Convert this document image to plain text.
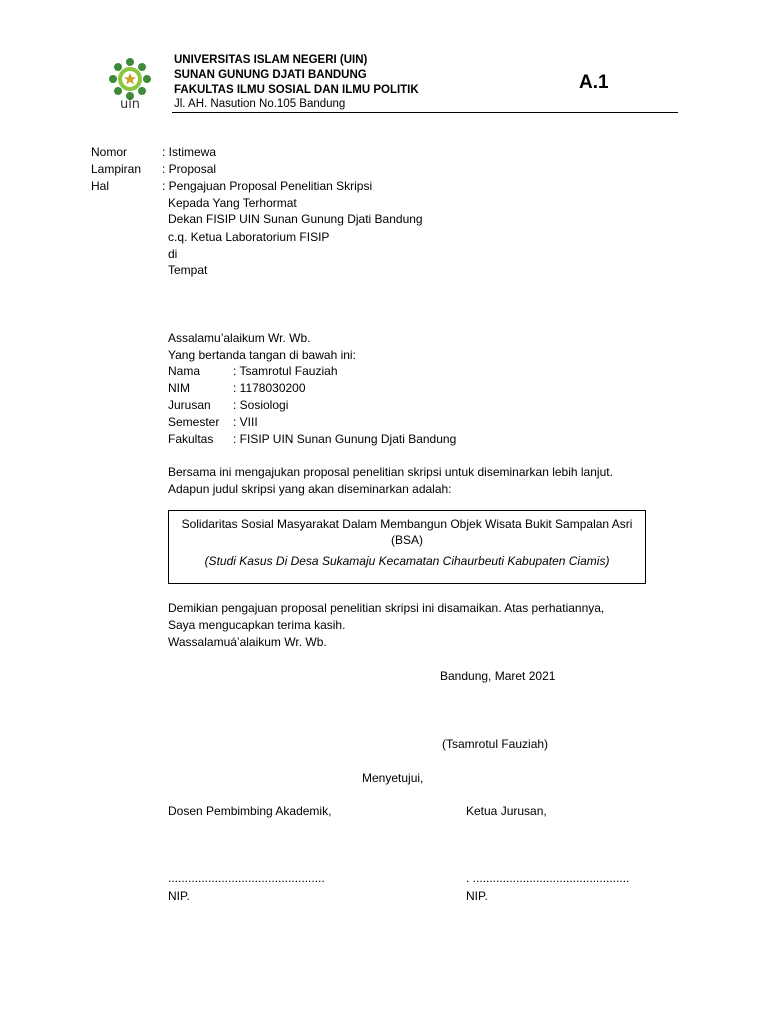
uin
UNIVERSITAS ISLAM NEGERI (UIN)
SUNAN GUNUNG DJATI BANDUNG
FAKULTAS ILMU SOSIAL DAN ILMU POLITIK
Jl. AH. Nasution No.105 Bandung
A.1
Nomor	: Istimewa
Lampiran : Proposal
Hal	: Pengajuan Proposal Penelitian Skripsi
Kepada Yang Terhormat
Dekan FISIP UIN Sunan Gunung Djati Bandung
c.q. Ketua Laboratorium FISIP
di
Tempat
Assalamu’alaikum Wr. Wb.
Yang bertanda tangan di bawah ini:
Nama	: Tsamrotul Fauziah
NIM	: 1178030200
Jurusan : Sosiologi
Semester : VIII
Fakultas : FISIP UIN Sunan Gunung Djati Bandung
Bersama ini mengajukan proposal penelitian skripsi untuk diseminarkan lebih lanjut.
Adapun judul skripsi yang akan diseminarkan adalah:
Solidaritas Sosial Masyarakat Dalam Membangun Objek Wisata Bukit Sampalan Asri (BSA)
(Studi Kasus Di Desa Sukamaju Kecamatan Cihaurbeuti Kabupaten Ciamis)
Demikian pengajuan proposal penelitian skripsi ini disamaikan. Atas perhatiannya,
Saya mengucapkan terima kasih.
Wassalamuá’alaikum Wr. Wb.
Bandung, Maret 2021
(Tsamrotul Fauziah)
Menyetujui,
Dosen Pembimbing Akademik,	Ketua Jurusan,
...............................................	. ...............................................
NIP.	NIP.
